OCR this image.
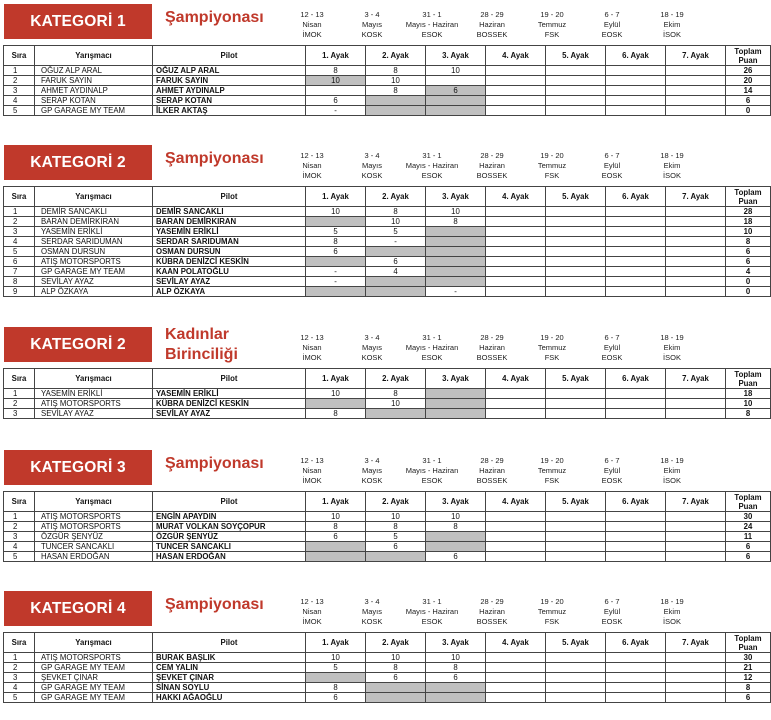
KATEGORİ 1	Şampiyonası	12 - 13
Nisan
İMOK
3 - 4
Mayıs
KOSK
31 - 1
Mayıs - Haziran
ESOK
28 - 29
Haziran
BOSSEK
19 - 20
Temmuz
FSK
6 - 7
Eylül
EOSK
18 - 19
Ekim
İSOK
Sıra	Yarışmacı	Pilot	1. Ayak	2. Ayak	3. Ayak	4. Ayak	5. Ayak	6. Ayak	7. Ayak	Toplam
Puan

1	OĞUZ ALP ARAL	OĞUZ ALP ARAL	8	8	10					26
2	FARUK SAYIN	FARUK SAYIN	10	10						20
3	AHMET AYDINALP	AHMET AYDINALP		8	6					14
4	SERAP KOTAN	SERAP KOTAN	6							6
5	GP GARAGE MY TEAM	İLKER AKTAŞ	-							0
KATEGORİ 2	Şampiyonası	12 - 13
Nisan
İMOK
3 - 4
Mayıs
KOSK
31 - 1
Mayıs - Haziran
ESOK
28 - 29
Haziran
BOSSEK
19 - 20
Temmuz
FSK
6 - 7
Eylül
EOSK
18 - 19
Ekim
İSOK
Sıra	Yarışmacı	Pilot	1. Ayak	2. Ayak	3. Ayak	4. Ayak	5. Ayak	6. Ayak	7. Ayak	Toplam
Puan

1	DEMİR SANCAKLI	DEMİR SANCAKLI	10	8	10					28
2	BARAN DEMİRKIRAN	BARAN DEMİRKIRAN		10	8					18
3	YASEMİN ERİKLİ	YASEMİN ERİKLİ	5	5						10
4	SERDAR SARIDUMAN	SERDAR SARIDUMAN	8	-						8
5	OSMAN DURSUN	OSMAN DURSUN	6							6
6	ATIŞ MOTORSPORTS	KÜBRA DENİZCİ KESKİN		6						6
7	GP GARAGE MY TEAM	KAAN POLATOĞLU	-	4						4
8	SEVİLAY AYAZ	SEVİLAY AYAZ	-							0
9	ALP ÖZKAYA	ALP ÖZKAYA			-					0
KATEGORİ 2
Kadınlar
Birinciliği
12 - 13
Nisan
İMOK
3 - 4
Mayıs
KOSK
31 - 1
Mayıs - Haziran
ESOK
28 - 29
Haziran
BOSSEK
19 - 20
Temmuz
FSK
6 - 7
Eylül
EOSK
18 - 19
Ekim
İSOK
Sıra	Yarışmacı	Pilot	1. Ayak	2. Ayak	3. Ayak	4. Ayak	5. Ayak	6. Ayak	7. Ayak	Toplam
Puan

1	YASEMİN ERİKLİ	YASEMİN ERİKLİ	10	8						18
2	ATIŞ MOTORSPORTS	KÜBRA DENİZCİ KESKİN		10						10
3	SEVİLAY AYAZ	SEVİLAY AYAZ	8							8
KATEGORİ 3	Şampiyonası	12 - 13
Nisan
İMOK
3 - 4
Mayıs
KOSK
31 - 1
Mayıs - Haziran
ESOK
28 - 29
Haziran
BOSSEK
19 - 20
Temmuz
FSK
6 - 7
Eylül
EOSK
18 - 19
Ekim
İSOK
Sıra	Yarışmacı	Pilot	1. Ayak	2. Ayak	3. Ayak	4. Ayak	5. Ayak	6. Ayak	7. Ayak	Toplam
Puan

1	ATIŞ MOTORSPORTS	ENGİN APAYDIN	10	10	10					30
2	ATIŞ MOTORSPORTS	MURAT VOLKAN SOYÇOPUR	8	8	8					24
3	ÖZGÜR ŞENYÜZ	ÖZGÜR ŞENYÜZ	6	5						11
4	TUNCER SANCAKLI	TUNCER SANCAKLI		6						6
5	HASAN ERDOĞAN	HASAN ERDOĞAN			6					6
KATEGORİ 4	Şampiyonası	12 - 13
Nisan
İMOK
3 - 4
Mayıs
KOSK
31 - 1
Mayıs - Haziran
ESOK
28 - 29
Haziran
BOSSEK
19 - 20
Temmuz
FSK
6 - 7
Eylül
EOSK
18 - 19
Ekim
İSOK
Sıra	Yarışmacı	Pilot	1. Ayak	2. Ayak	3. Ayak	4. Ayak	5. Ayak	6. Ayak	7. Ayak	Toplam
Puan

1	ATIŞ MOTORSPORTS	BURAK BAŞLIK	10	10	10					30
2	GP GARAGE MY TEAM	CEM YALIN	5	8	8					21
3	ŞEVKET ÇINAR	ŞEVKET ÇINAR		6	6					12
4	GP GARAGE MY TEAM	SİNAN SOYLU	8							8
5	GP GARAGE MY TEAM	HAKKI AĞAOĞLU	6							6
